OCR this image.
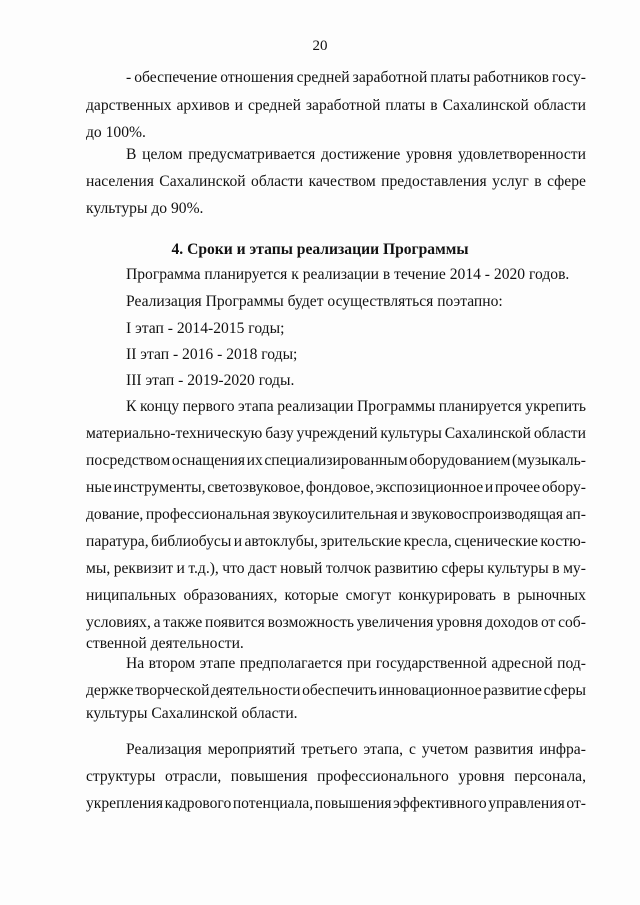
20
- обеспечение отношения средней заработной платы работников госу-
дарственных архивов и средней заработной платы в Сахалинской области
до 100%.
В целом предусматривается достижение уровня удовлетворенности
населения Сахалинской области качеством предоставления услуг в сфере
культуры до 90%.
4. Сроки и этапы реализации Программы
Программа планируется к реализации в течение 2014 - 2020 годов.
Реализация Программы будет осуществляться поэтапно:
I этап - 2014-2015 годы;
II этап - 2016 - 2018 годы;
III этап - 2019-2020 годы.
К концу первого этапа реализации Программы планируется укрепить
материально-техническую базу учреждений культуры Сахалинской области
посредством оснащения их специализированным оборудованием (музыкаль-
ные инструменты, светозвуковое, фондовое, экспозиционное и прочее обору-
дование, профессиональная звукоусилительная и звуковоспроизводящая ап-
паратура, библиобусы и автоклубы, зрительские кресла, сценические костю-
мы, реквизит и т.д.), что даст новый толчок развитию сферы культуры в му-
ниципальных образованиях, которые смогут конкурировать в рыночных
условиях, а также появится возможность увеличения уровня доходов от соб-
ственной деятельности.
На втором этапе предполагается при государственной адресной под-
держке творческой деятельности обеспечить инновационное развитие сферы
культуры Сахалинской области.
Реализация мероприятий третьего этапа, с учетом развития инфра-
структуры отрасли, повышения профессионального уровня персонала,
укрепления кадрового потенциала, повышения эффективного управления от-
